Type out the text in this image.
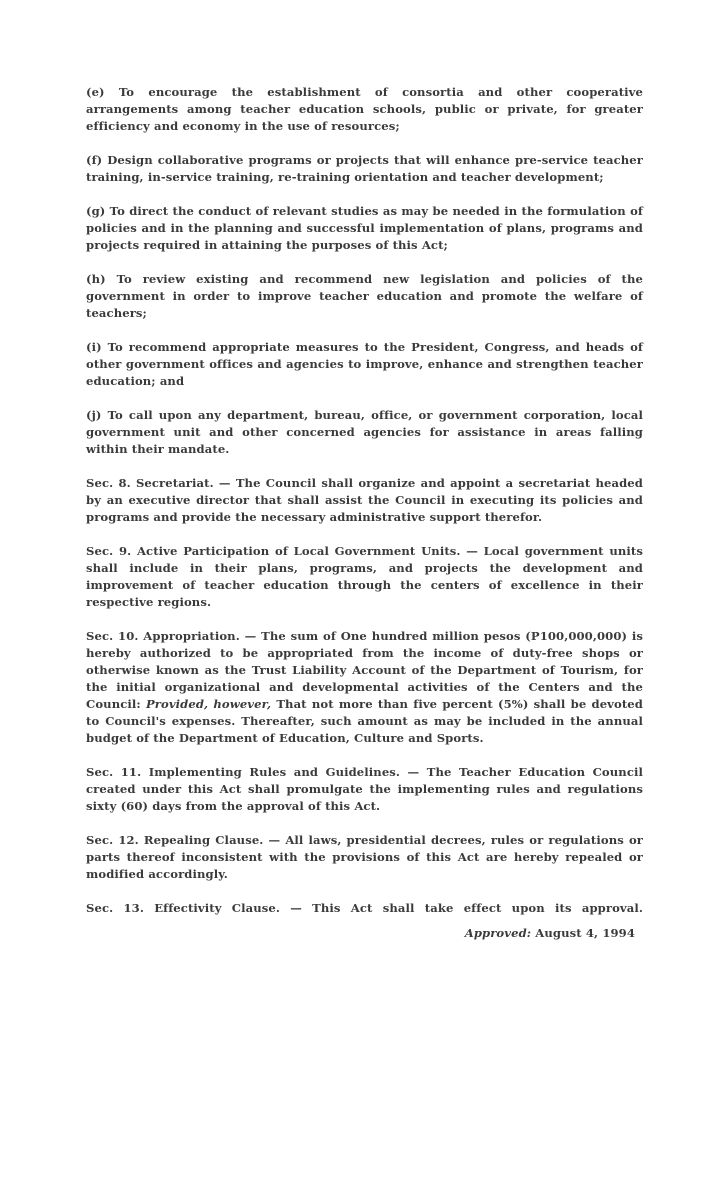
(e) To encourage the establishment of consortia and other cooperative arrangements among teacher education schools, public or private, for greater efficiency and economy in the use of resources;

(f) Design collaborative programs or projects that will enhance pre-service teacher training, in-service training, re-training orientation and teacher development;

(g) To direct the conduct of relevant studies as may be needed in the formulation of policies and in the planning and successful implementation of plans, programs and projects required in attaining the purposes of this Act;

(h) To review existing and recommend new legislation and policies of the government in order to improve teacher education and promote the welfare of teachers;

(i) To recommend appropriate measures to the President, Congress, and heads of other government offices and agencies to improve, enhance and strengthen teacher education; and

(j) To call upon any department, bureau, office, or government corporation, local government unit and other concerned agencies for assistance in areas falling within their mandate.

Sec. 8. Secretariat. — The Council shall organize and appoint a secretariat headed by an executive director that shall assist the Council in executing its policies and programs and provide the necessary administrative support therefor.

Sec. 9. Active Participation of Local Government Units. — Local government units shall include in their plans, programs, and projects the development and improvement of teacher education through the centers of excellence in their respective regions.

Sec. 10. Appropriation. — The sum of One hundred million pesos (P100,000,000) is hereby authorized to be appropriated from the income of duty-free shops or otherwise known as the Trust Liability Account of the Department of Tourism, for the initial organizational and developmental activities of the Centers and the Council: Provided, however, That not more than five percent (5%) shall be devoted to Council's expenses. Thereafter, such amount as may be included in the annual budget of the Department of Education, Culture and Sports.

Sec. 11. Implementing Rules and Guidelines. — The Teacher Education Council created under this Act shall promulgate the implementing rules and regulations sixty (60) days from the approval of this Act.

Sec. 12. Repealing Clause. — All laws, presidential decrees, rules or regulations or parts thereof inconsistent with the provisions of this Act are hereby repealed or modified accordingly.

Sec. 13. Effectivity Clause. — This Act shall take effect upon its approval.

Approved: August 4, 1994
